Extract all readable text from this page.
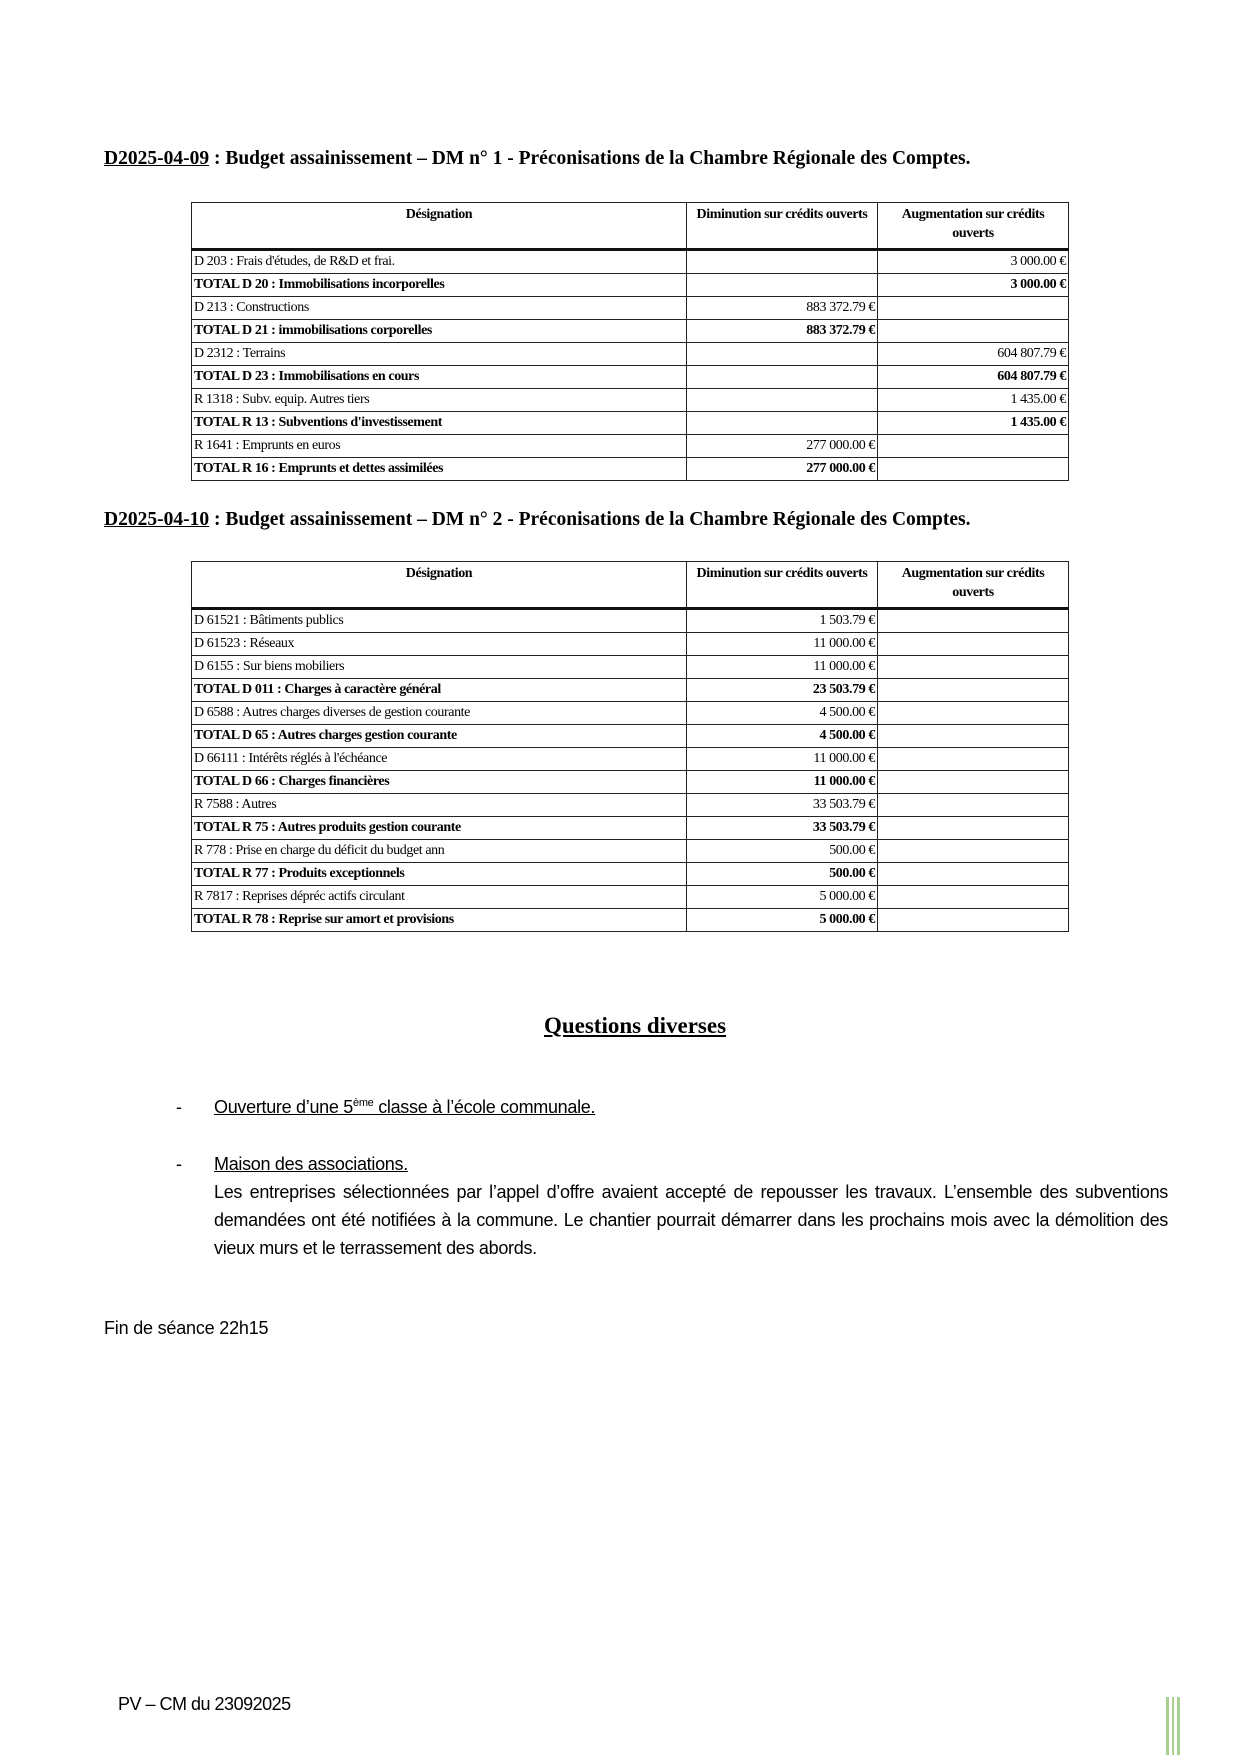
D2025-04-09 : Budget assainissement – DM n° 1 - Préconisations de la Chambre Régionale des Comptes.
Désignation	Diminution sur crédits ouverts	Augmentation sur crédits ouverts
D 203 : Frais d'études, de R&D et frai.		3 000.00 €
TOTAL D 20 : Immobilisations incorporelles		3 000.00 €
D 213 : Constructions	883 372.79 €	
TOTAL D 21 : immobilisations corporelles	883 372.79 €	
D 2312 : Terrains		604 807.79 €
TOTAL D 23 : Immobilisations en cours		604 807.79 €
R 1318 : Subv. equip. Autres tiers		1 435.00 €
TOTAL R 13 : Subventions d'investissement		1 435.00 €
R 1641 : Emprunts en euros	277 000.00 €	
TOTAL R 16 : Emprunts et dettes assimilées	277 000.00 €	
D2025-04-10 : Budget assainissement – DM n° 2 - Préconisations de la Chambre Régionale des Comptes.
Désignation	Diminution sur crédits ouverts	Augmentation sur crédits ouverts
D 61521 : Bâtiments publics	1 503.79 €	
D 61523 : Réseaux	11 000.00 €	
D 6155 : Sur biens mobiliers	11 000.00 €	
TOTAL D 011 : Charges à caractère général	23 503.79 €	
D 6588 : Autres charges diverses de gestion courante	4 500.00 €	
TOTAL D 65 : Autres charges gestion courante	4 500.00 €	
D 66111 : Intérêts réglés à l'échéance	11 000.00 €	
TOTAL D 66 : Charges financières	11 000.00 €	
R 7588 : Autres	33 503.79 €	
TOTAL R 75 : Autres produits gestion courante	33 503.79 €	
R 778 : Prise en charge du déficit du budget ann	500.00 €	
TOTAL R 77 : Produits exceptionnels	500.00 €	
R 7817 : Reprises dépréc actifs circulant	5 000.00 €	
TOTAL R 78 : Reprise sur amort et provisions	5 000.00 €	
Questions diverses
- Ouverture d’une 5ème classe à l’école communale.
- Maison des associations.
Les entreprises sélectionnées par l’appel d’offre avaient accepté de repousser les travaux. L’ensemble des subventions demandées ont été notifiées à la commune. Le chantier pourrait démarrer dans les prochains mois avec la démolition des vieux murs et le terrassement des abords.
Fin de séance 22h15
PV – CM du 23092025
